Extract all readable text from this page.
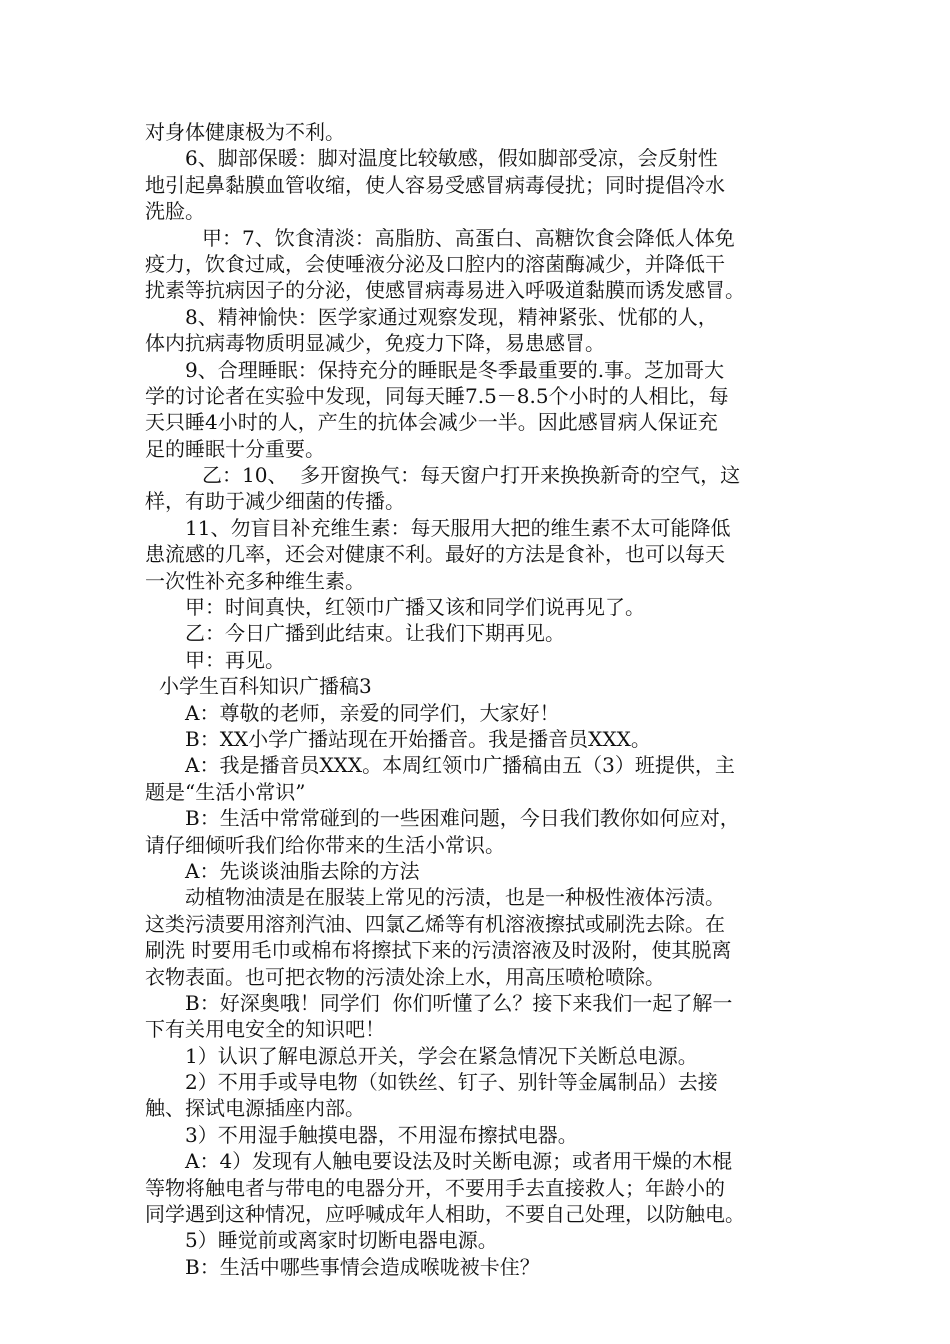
对身体健康极为不利。
6、脚部保暖：脚对温度比较敏感，假如脚部受凉，会反射性
地引起鼻黏膜血管收缩，使人容易受感冒病毒侵扰；同时提倡冷水
洗脸。
甲：7、饮食清淡：高脂肪、高蛋白、高糖饮食会降低人体免
疫力，饮食过咸，会使唾液分泌及口腔内的溶菌酶减少，并降低干
扰素等抗病因子的分泌，使感冒病毒易进入呼吸道黏膜而诱发感冒。
8、精神愉快：医学家通过观察发现，精神紧张、忧郁的人，
体内抗病毒物质明显减少，免疫力下降，易患感冒。
9、合理睡眠：保持充分的睡眠是冬季最重要的.事。芝加哥大
学的讨论者在实验中发现，同每天睡7.5－8.5个小时的人相比，每
天只睡4小时的人，产生的抗体会减少一半。因此感冒病人保证充
足的睡眠十分重要。
乙：10、  多开窗换气：每天窗户打开来换换新奇的空气，这
样，有助于减少细菌的传播。
11、勿盲目补充维生素：每天服用大把的维生素不太可能降低
患流感的几率，还会对健康不利。最好的方法是食补，也可以每天
一次性补充多种维生素。
甲：时间真快，红领巾广播又该和同学们说再见了。
乙：今日广播到此结束。让我们下期再见。
甲：再见。
小学生百科知识广播稿3
A：尊敬的老师，亲爱的同学们，大家好！
B：XX小学广播站现在开始播音。我是播音员XXX。
A：我是播音员XXX。本周红领巾广播稿由五（3）班提供，主
题是“生活小常识”
B：生活中常常碰到的一些困难问题，今日我们教你如何应对，
请仔细倾听我们给你带来的生活小常识。
A：先谈谈油脂去除的方法
动植物油渍是在服装上常见的污渍，也是一种极性液体污渍。
这类污渍要用溶剂汽油、四氯乙烯等有机溶液擦拭或刷洗去除。在
刷洗 时要用毛巾或棉布将擦拭下来的污渍溶液及时汲附，使其脱离
衣物表面。也可把衣物的污渍处涂上水，用高压喷枪喷除。
B：好深奥哦！同学们  你们听懂了么？接下来我们一起了解一
下有关用电安全的知识吧！
1）认识了解电源总开关，学会在紧急情况下关断总电源。
2）不用手或导电物（如铁丝、钉子、别针等金属制品）去接
触、探试电源插座内部。
3）不用湿手触摸电器，不用湿布擦拭电器。
A：4）发现有人触电要设法及时关断电源；或者用干燥的木棍
等物将触电者与带电的电器分开，不要用手去直接救人；年龄小的
同学遇到这种情况，应呼喊成年人相助，不要自己处理，以防触电。
5）睡觉前或离家时切断电器电源。
B：生活中哪些事情会造成喉咙被卡住？
